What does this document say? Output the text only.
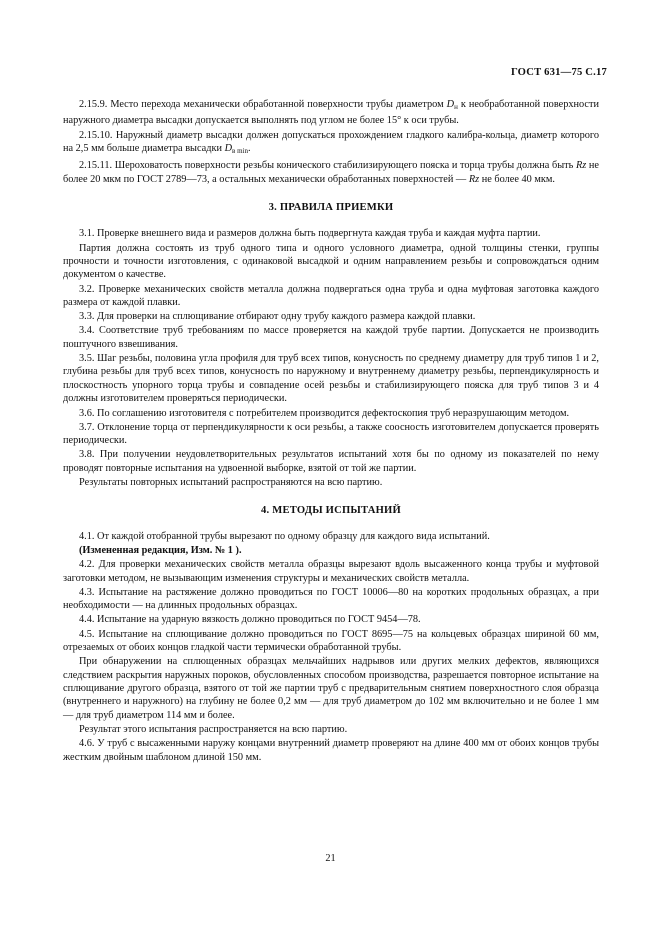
ГОСТ 631—75 С.17

2.15.9. Место перехода механически обработанной поверхности трубы диаметром $D_н$ к необработанной поверхности наружного диаметра высадки допускается выполнять под углом не более 15° к оси трубы.

2.15.10. Наружный диаметр высадки должен допускаться прохождением гладкого калибра-кольца, диаметр которого на 2,5 мм больше диаметра высадки $D_{в min}$.

2.15.11. Шероховатость поверхности резьбы конического стабилизирующего пояска и торца трубы должна быть Rz не более 20 мкм по ГОСТ 2789—73, а остальных механически обработанных поверхностей — Rz не более 40 мкм.

3. ПРАВИЛА ПРИЕМКИ

3.1. Проверке внешнего вида и размеров должна быть подвергнута каждая труба и каждая муфта партии.

Партия должна состоять из труб одного типа и одного условного диаметра, одной толщины стенки, группы прочности и точности изготовления, с одинаковой высадкой и одним направлением резьбы и сопровождаться одним документом о качестве.

3.2. Проверке механических свойств металла должна подвергаться одна труба и одна муфтовая заготовка каждого размера от каждой плавки.

3.3. Для проверки на сплющивание отбирают одну трубу каждого размера каждой плавки.

3.4. Соответствие труб требованиям по массе проверяется на каждой трубе партии. Допускается не производить поштучного взвешивания.

3.5. Шаг резьбы, половина угла профиля для труб всех типов, конусность по среднему диаметру для труб типов 1 и 2, глубина резьбы для труб всех типов, конусность по наружному и внутреннему диаметру резьбы, перпендикулярность и плоскостность упорного торца трубы и совпадение осей резьбы и стабилизирующего пояска для труб типов 3 и 4 должны изготовителем проверяться периодически.

3.6. По соглашению изготовителя с потребителем производится дефектоскопия труб неразрушающим методом.

3.7. Отклонение торца от перпендикулярности к оси резьбы, а также соосность изготовителем допускается проверять периодически.

3.8. При получении неудовлетворительных результатов испытаний хотя бы по одному из показателей по нему проводят повторные испытания на удвоенной выборке, взятой от той же партии.

Результаты повторных испытаний распространяются на всю партию.

4. МЕТОДЫ ИСПЫТАНИЙ

4.1. От каждой отобранной трубы вырезают по одному образцу для каждого вида испытаний.

(Измененная редакция, Изм. № 1 ).

4.2. Для проверки механических свойств металла образцы вырезают вдоль высаженного конца трубы и муфтовой заготовки методом, не вызывающим изменения структуры и механических свойств металла.

4.3. Испытание на растяжение должно проводиться по ГОСТ 10006—80 на коротких продольных образцах, а при необходимости — на длинных продольных образцах.

4.4. Испытание на ударную вязкость должно проводиться по ГОСТ 9454—78.

4.5. Испытание на сплющивание должно проводиться по ГОСТ 8695—75 на кольцевых образцах шириной 60 мм, отрезаемых от обоих концов гладкой части термически обработанной трубы.

При обнаружении на сплющенных образцах мельчайших надрывов или других мелких дефектов, являющихся следствием раскрытия наружных пороков, обусловленных способом производства, разрешается повторное испытание на сплющивание другого образца, взятого от той же партии труб с предварительным снятием поверхностного слоя образца (внутреннего и наружного) на глубину не более 0,2 мм — для труб диаметром до 102 мм включительно и не более 1 мм — для труб диаметром 114 мм и более.

Результат этого испытания распространяется на всю партию.

4.6. У труб с высаженными наружу концами внутренний диаметр проверяют на длине 400 мм от обоих концов трубы жестким двойным шаблоном длиной 150 мм.

21
